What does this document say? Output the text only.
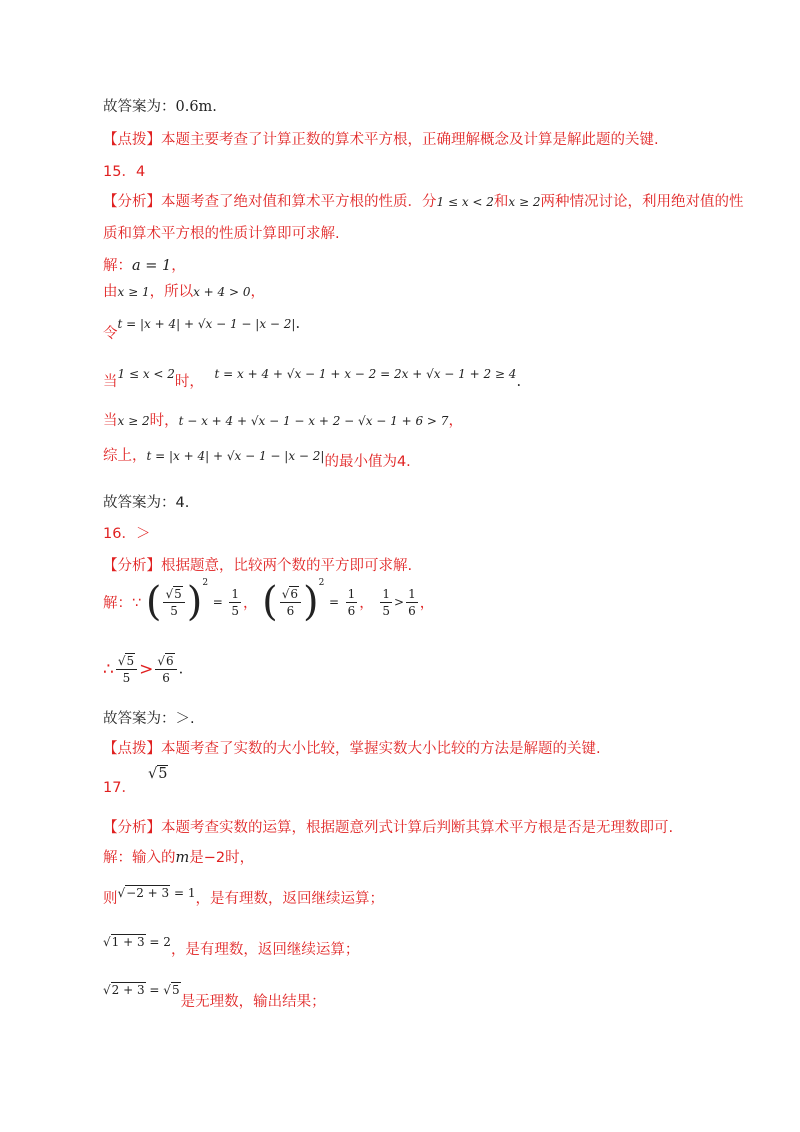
故答案为：0.6m.
【点拨】本题主要考查了计算正数的算术平方根，正确理解概念及计算是解此题的关键.
15．4
【分析】本题考查了绝对值和算术平方根的性质．分1 ≤ x < 2和x ≥ 2两种情况讨论，利用绝对值的性
质和算术平方根的性质计算即可求解.
解：a = 1，
由x ≥ 1，所以x + 4 > 0，
令t = |x + 4| + √x − 1 − |x − 2|.
当1 ≤ x < 2时， t = x + 4 + √x − 1 + x − 2 = 2x + √x − 1 + 2 ≥ 4.
当x ≥ 2时，t − x + 4 + √x − 1 − x + 2 − √x − 1 + 6 > 7，
综上，t = |x + 4| + √x − 1 − |x − 2|的最小值为4.
故答案为：4.
16．＞
【分析】根据题意，比较两个数的平方即可求解.
解：∵ ( $\frac{√5}{5} )^2 = \frac{1}{5}$ ， ( $\frac{√6}{6} )^2 = \frac{1}{6}$ ， $\frac{1}{5} > \frac{1}{6}$ ，
∴ $\frac{√5}{5} > \frac{√6}{6}$ .
故答案为：＞.
【点拨】本题考查了实数的大小比较，掌握实数大小比较的方法是解题的关键.
17．√5
【分析】本题考查实数的运算，根据题意列式计算后判断其算术平方根是否是无理数即可.
解：输入的m是−2时，
则√−2 + 3 = 1，是有理数，返回继续运算；
√1 + 3 = 2，是有理数，返回继续运算；
√2 + 3 = √5是无理数，输出结果；
